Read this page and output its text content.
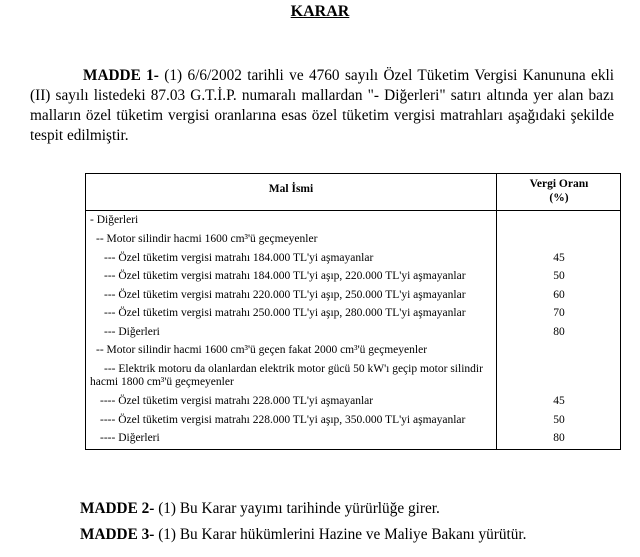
KARAR
MADDE 1- (1) 6/6/2002 tarihli ve 4760 sayılı Özel Tüketim Vergisi Kanununa ekli (II) sayılı listedeki 87.03 G.T.İ.P. numaralı mallardan "- Diğerleri" satırı altında yer alan bazı malların özel tüketim vergisi oranlarına esas özel tüketim vergisi matrahları aşağıdaki şekilde tespit edilmiştir.
Mal İsmi	Vergi Oranı
(%)
- Diğerleri
-- Motor silindir hacmi 1600 cm³'ü geçmeyenler
--- Özel tüketim vergisi matrahı 184.000 TL'yi aşmayanlar	45
--- Özel tüketim vergisi matrahı 184.000 TL'yi aşıp, 220.000 TL'yi aşmayanlar	50
--- Özel tüketim vergisi matrahı 220.000 TL'yi aşıp, 250.000 TL'yi aşmayanlar	60
--- Özel tüketim vergisi matrahı 250.000 TL'yi aşıp, 280.000 TL'yi aşmayanlar	70
--- Diğerleri	80
-- Motor silindir hacmi 1600 cm³'ü geçen fakat 2000 cm³'ü geçmeyenler
--- Elektrik motoru da olanlardan elektrik motor gücü 50 kW'ı geçip motor silindir hacmi 1800 cm³'ü geçmeyenler
---- Özel tüketim vergisi matrahı 228.000 TL'yi aşmayanlar	45
---- Özel tüketim vergisi matrahı 228.000 TL'yi aşıp, 350.000 TL'yi aşmayanlar	50
---- Diğerleri	80
MADDE 2- (1) Bu Karar yayımı tarihinde yürürlüğe girer.
MADDE 3- (1) Bu Karar hükümlerini Hazine ve Maliye Bakanı yürütür.
